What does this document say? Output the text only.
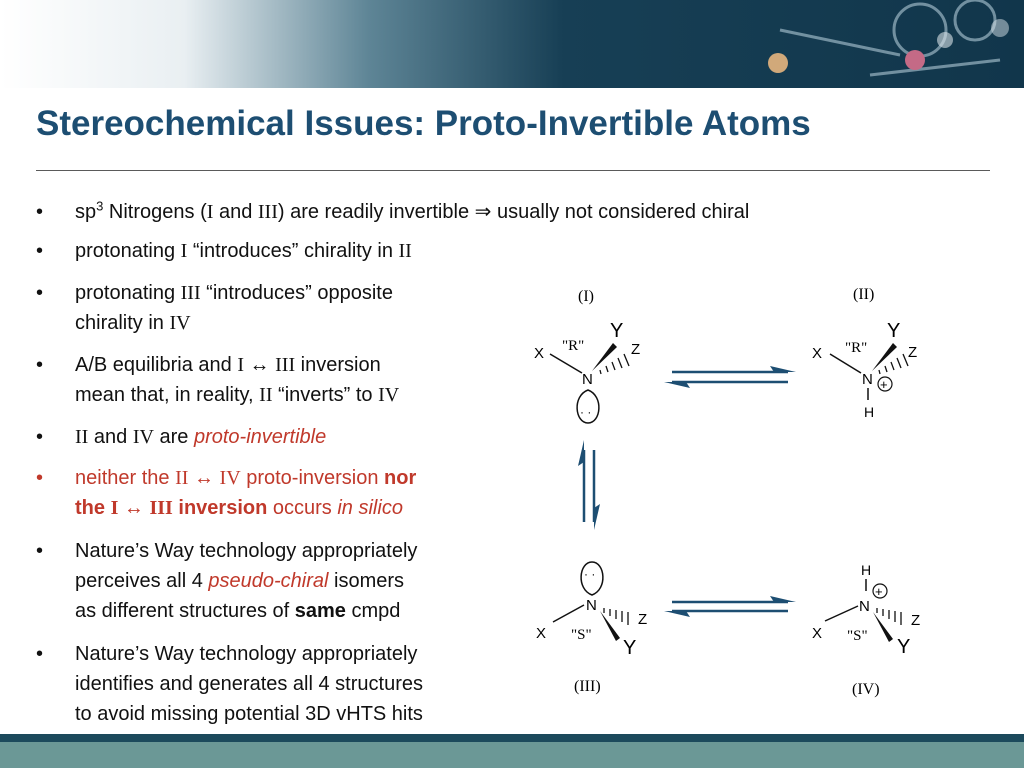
Stereochemical Issues: Proto-Invertible Atoms
• $sp^3$ Nitrogens (I and III) are readily invertible ⇒ usually not considered chiral
• protonating I “introduces” chirality in II
• protonating III “introduces” opposite
chirality in IV
• A/B equilibria and I ↔ III inversion
mean that, in reality, II “inverts” to IV
• II and IV are proto-invertible
• neither the II ↔ IV proto-inversion nor
the I ↔ III inversion occurs in silico
• Nature’s Way technology appropriately
perceives all 4 pseudo-chiral isomers
as different structures of same cmpd
• Nature’s Way technology appropriately
identifies and generates all 4 structures
to avoid missing potential 3D vHTS hits
(I)
"R"
Y
X	Z
N
· ·
(II)
"R"
Y
X	Z
N +
H
· ·
N
Z
X "S"
Y
(III)
H
+
N
Z
X "S" Y
(IV)
